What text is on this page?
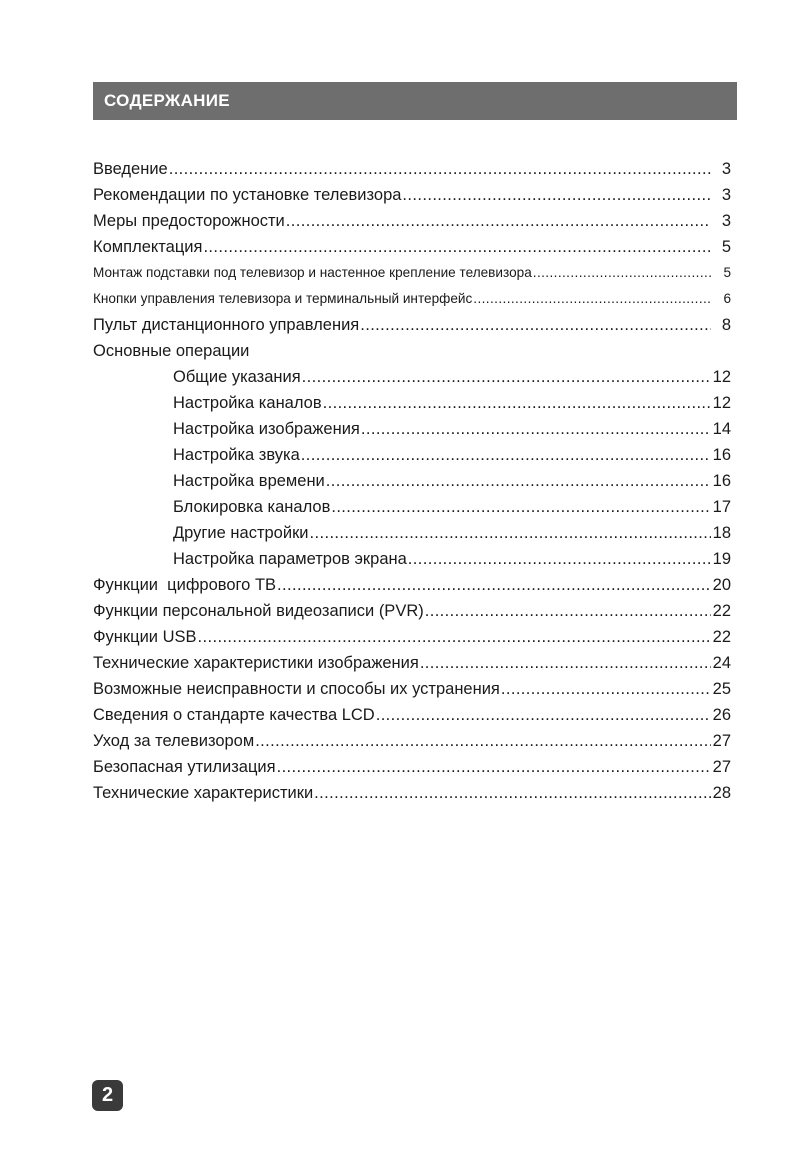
СОДЕРЖАНИЕ
Введение .....	3
Рекомендации по установке телевизора .....	3
Меры предосторожности .....	3
Комплектация .....	5
Монтаж подставки под телевизор и настенное крепление телевизора .....	5
Кнопки управления телевизора и терминальный интерфейс .....	6
Пульт дистанционного управления .....	8
Основные операции
Общие указания .....	12
Настройка каналов .....	12
Настройка изображения .....	14
Настройка звука .....	16
Настройка времени .....	16
Блокировка каналов .....	17
Другие настройки .....	18
Настройка параметров экрана .....	19
Функции  цифрового ТВ .....	20
Функции персональной видеозаписи (PVR) .....	22
Функции USB .....	22
Технические характеристики изображения .....	24
Возможные неисправности и способы их устранения .....	25
Сведения о стандарте качества LCD .....	26
Уход за телевизором .....	27
Безопасная утилизация .....	27
Технические характеристики .....	28
2
